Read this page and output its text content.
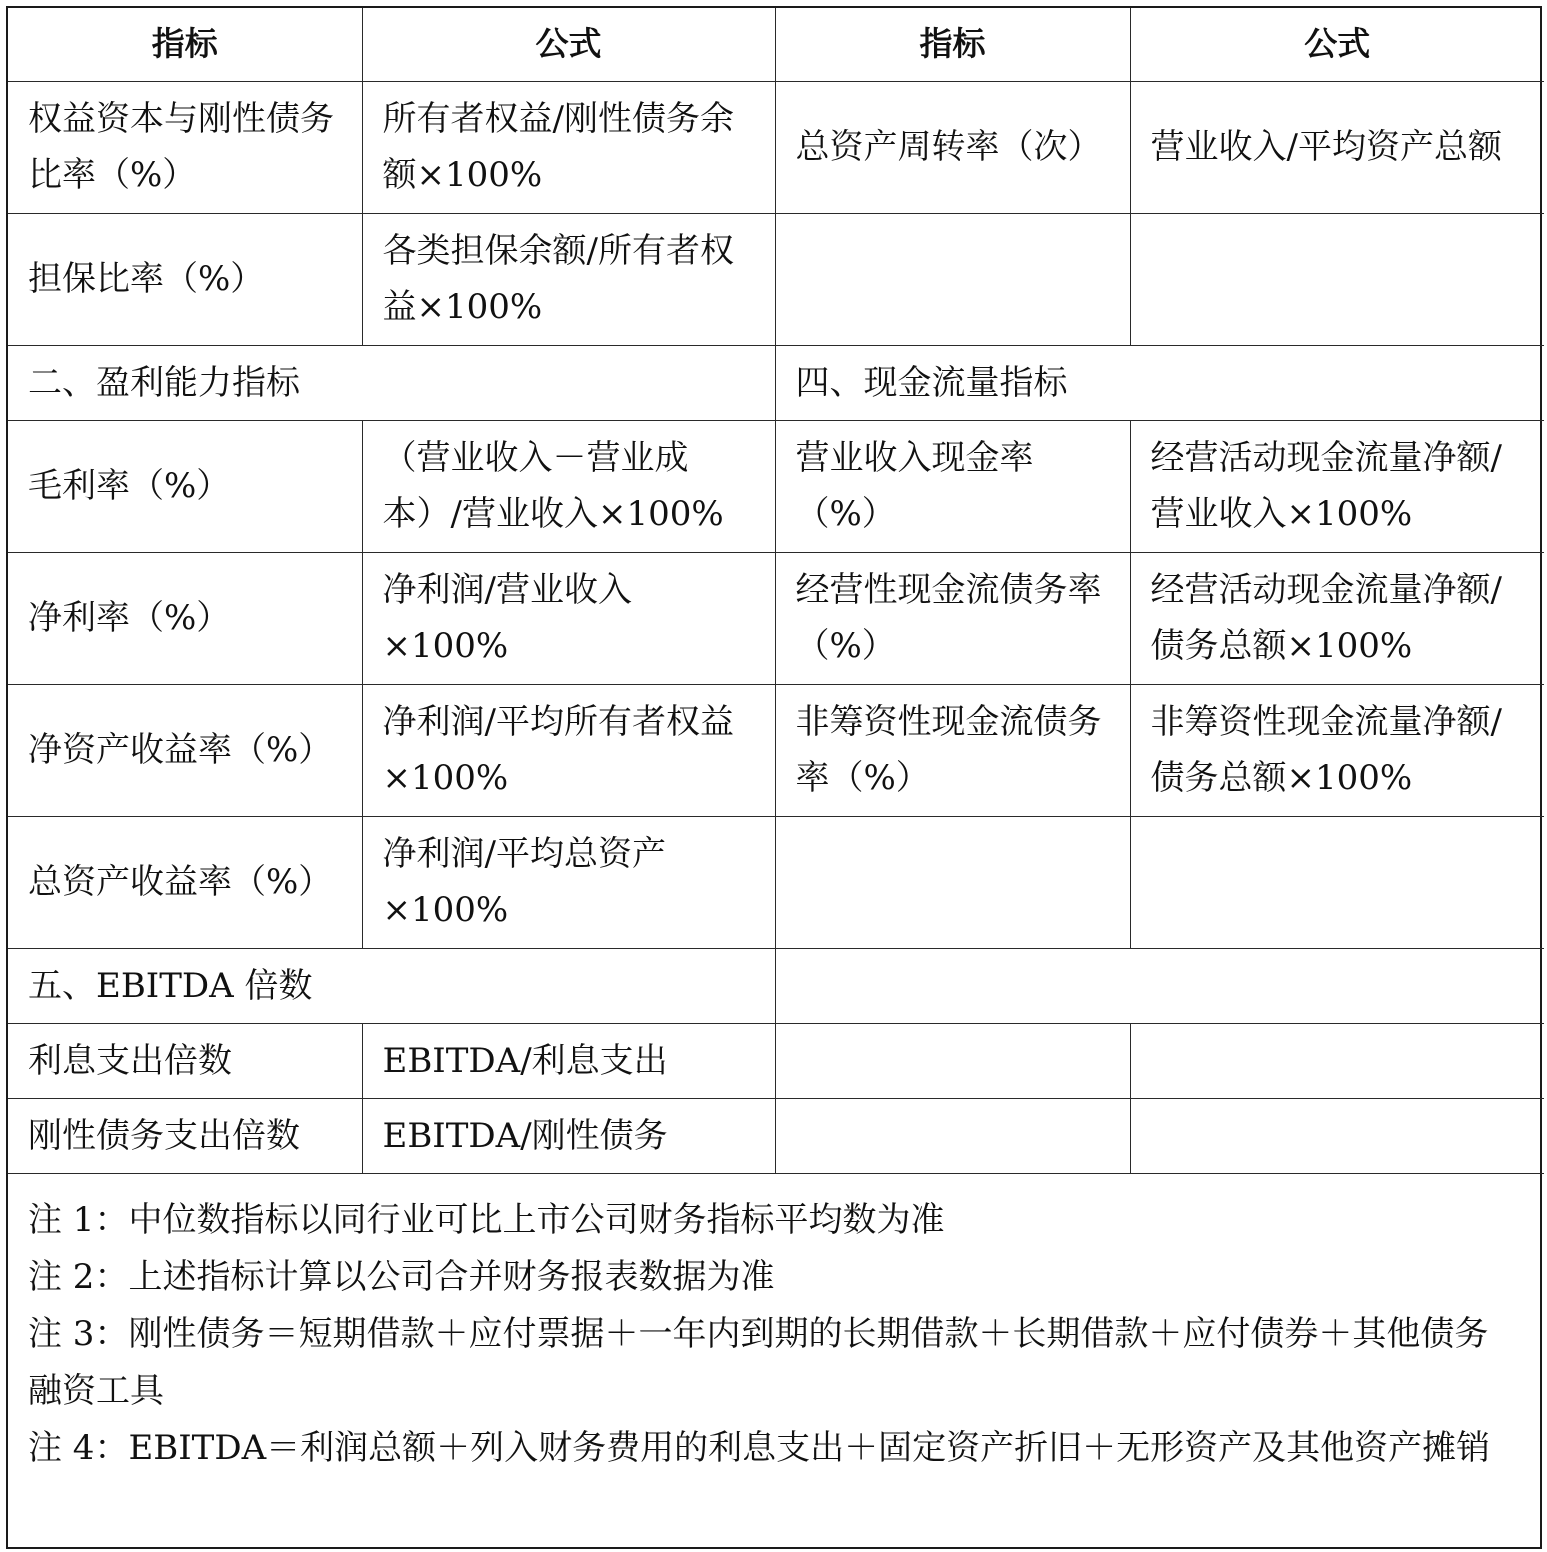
指标	公式	指标	公式
权益资本与刚性债务比率（%）	所有者权益/刚性债务余额×100%	总资产周转率（次）	营业收入/平均资产总额
担保比率（%）	各类担保余额/所有者权益×100%		
二、盈利能力指标		四、现金流量指标	
毛利率（%）	（营业收入－营业成本）/营业收入×100%	营业收入现金率（%）	经营活动现金流量净额/营业收入×100%
净利率（%）	净利润/营业收入×100%	经营性现金流债务率（%）	经营活动现金流量净额/债务总额×100%
净资产收益率（%）	净利润/平均所有者权益×100%	非筹资性现金流债务率（%）	非筹资性现金流量净额/债务总额×100%
总资产收益率（%）	净利润/平均总资产×100%		
五、EBITDA 倍数			
利息支出倍数	EBITDA/利息支出		
刚性债务支出倍数	EBITDA/刚性债务		

注 1：中位数指标以同行业可比上市公司财务指标平均数为准

注 2：上述指标计算以公司合并财务报表数据为准

注 3：刚性债务＝短期借款＋应付票据＋一年内到期的长期借款＋长期借款＋应付债券＋其他债务融资工具

注 4：EBITDA＝利润总额＋列入财务费用的利息支出＋固定资产折旧＋无形资产及其他资产摊销
